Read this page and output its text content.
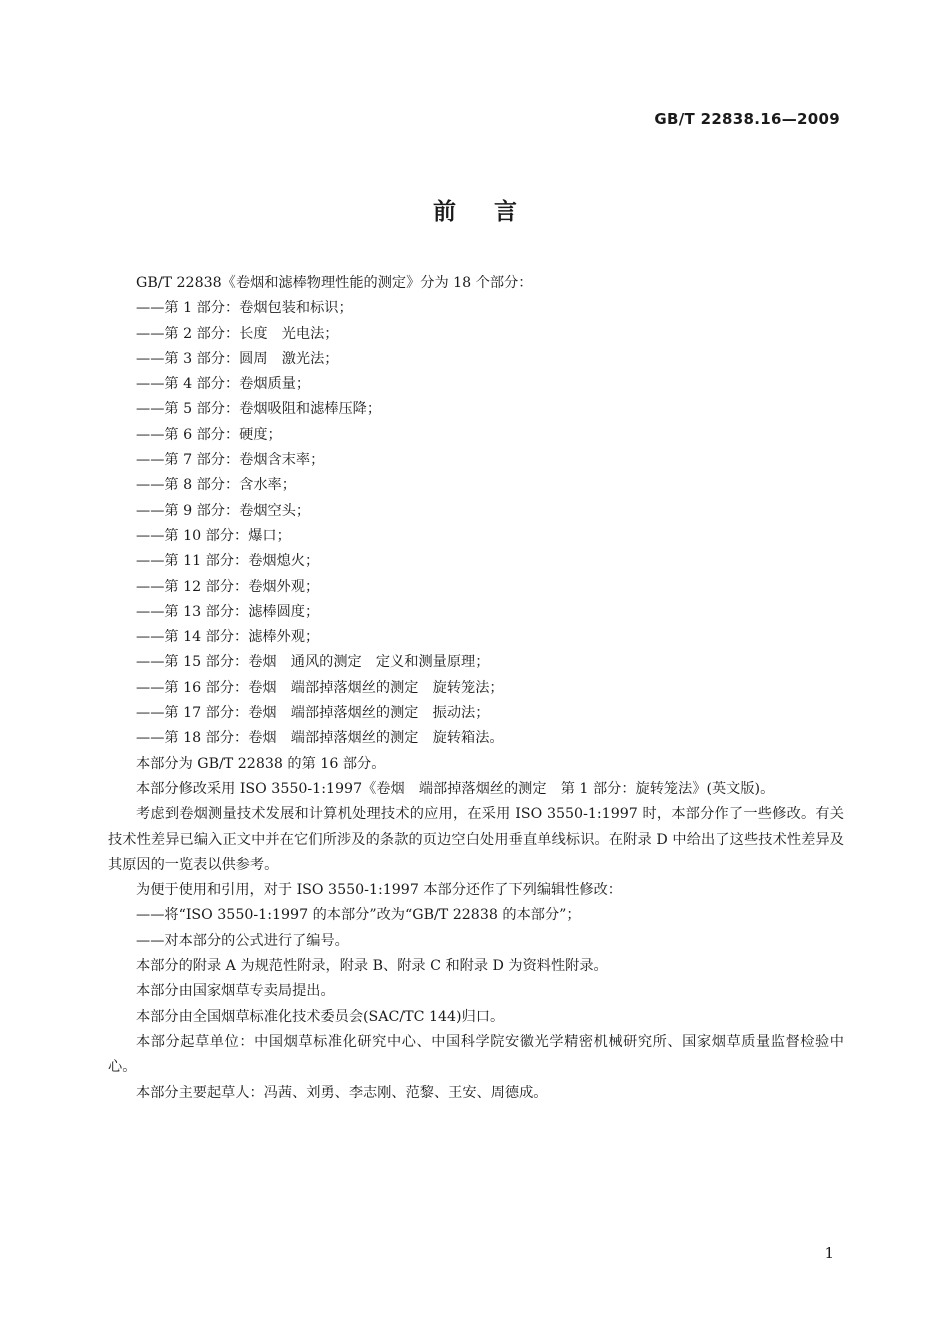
GB/T 22838.16—2009
前 言
GB/T 22838《卷烟和滤棒物理性能的测定》分为 18 个部分：
——第 1 部分：卷烟包装和标识；
——第 2 部分：长度　光电法；
——第 3 部分：圆周　激光法；
——第 4 部分：卷烟质量；
——第 5 部分：卷烟吸阻和滤棒压降；
——第 6 部分：硬度；
——第 7 部分：卷烟含末率；
——第 8 部分：含水率；
——第 9 部分：卷烟空头；
——第 10 部分：爆口；
——第 11 部分：卷烟熄火；
——第 12 部分：卷烟外观；
——第 13 部分：滤棒圆度；
——第 14 部分：滤棒外观；
——第 15 部分：卷烟　通风的测定　定义和测量原理；
——第 16 部分：卷烟　端部掉落烟丝的测定　旋转笼法；
——第 17 部分：卷烟　端部掉落烟丝的测定　振动法；
——第 18 部分：卷烟　端部掉落烟丝的测定　旋转箱法。
本部分为 GB/T 22838 的第 16 部分。
本部分修改采用 ISO 3550-1:1997《卷烟　端部掉落烟丝的测定　第 1 部分：旋转笼法》(英文版)。
考虑到卷烟测量技术发展和计算机处理技术的应用，在采用 ISO 3550-1:1997 时，本部分作了一些修改。有关技术性差异已编入正文中并在它们所涉及的条款的页边空白处用垂直单线标识。在附录 D 中给出了这些技术性差异及其原因的一览表以供参考。
为便于使用和引用，对于 ISO 3550-1:1997 本部分还作了下列编辑性修改：
——将“ISO 3550-1:1997 的本部分”改为“GB/T 22838 的本部分”；
——对本部分的公式进行了编号。
本部分的附录 A 为规范性附录，附录 B、附录 C 和附录 D 为资料性附录。
本部分由国家烟草专卖局提出。
本部分由全国烟草标准化技术委员会(SAC/TC 144)归口。
本部分起草单位：中国烟草标准化研究中心、中国科学院安徽光学精密机械研究所、国家烟草质量监督检验中心。
本部分主要起草人：冯茜、刘勇、李志刚、范黎、王安、周德成。
1
